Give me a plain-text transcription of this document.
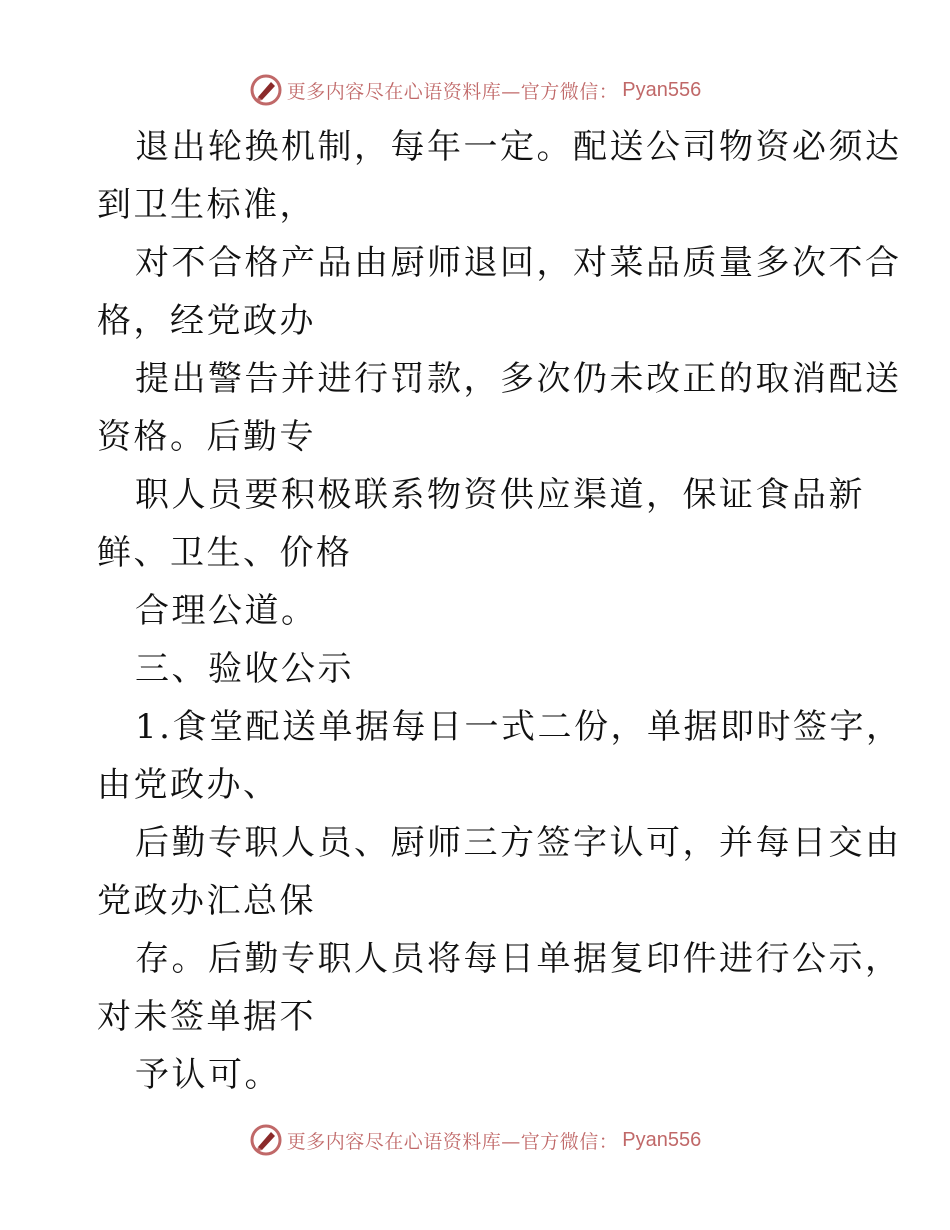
更多内容尽在心语资料库—官方微信： Pyan556
退出轮换机制，每年一定。配送公司物资必须达
到卫生标准，
对不合格产品由厨师退回，对菜品质量多次不合
格，经党政办
提出警告并进行罚款，多次仍未改正的取消配送
资格。后勤专
职人员要积极联系物资供应渠道，保证食品新
鲜、卫生、价格
合理公道。
三、验收公示
1.食堂配送单据每日一式二份，单据即时签字，
由党政办、
后勤专职人员、厨师三方签字认可，并每日交由
党政办汇总保
存。后勤专职人员将每日单据复印件进行公示，
对未签单据不
予认可。
更多内容尽在心语资料库—官方微信： Pyan556
